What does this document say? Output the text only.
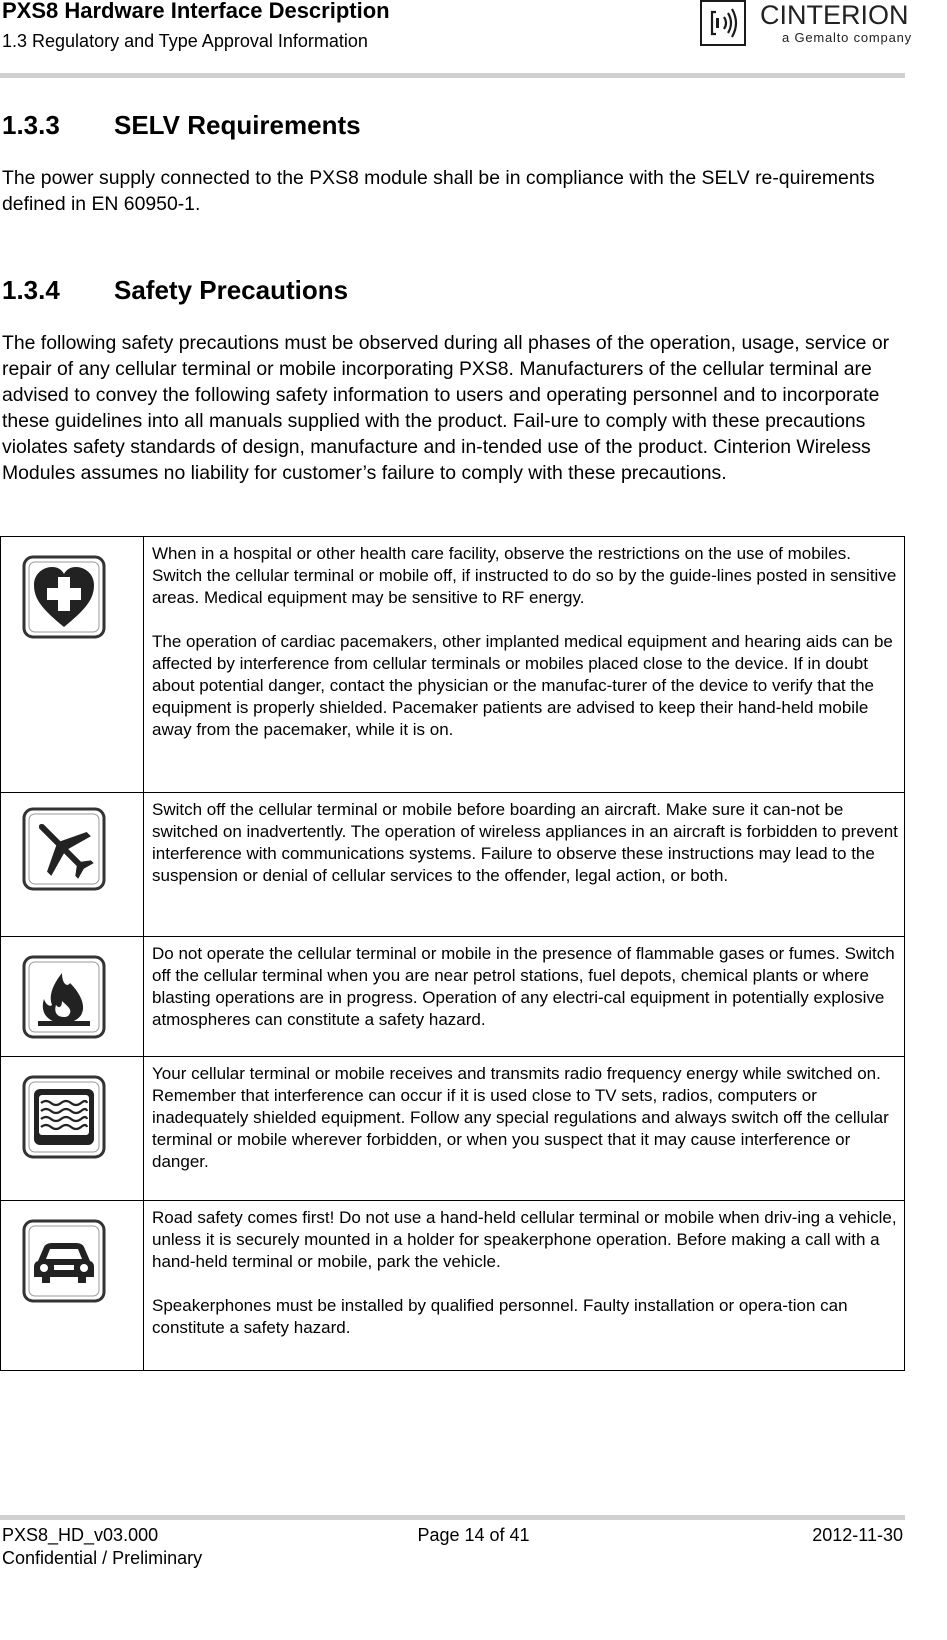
PXS8 Hardware Interface Description
1.3 Regulatory and Type Approval Information
CINTERION
a Gemalto company
1.3.3 SELV Requirements

The power supply connected to the PXS8 module shall be in compliance with the SELV re-quirements defined in EN 60950-1.

1.3.4 Safety Precautions

The following safety precautions must be observed during all phases of the operation, usage, service or repair of any cellular terminal or mobile incorporating PXS8. Manufacturers of the cellular terminal are advised to convey the following safety information to users and operating personnel and to incorporate these guidelines into all manuals supplied with the product. Fail-ure to comply with these precautions violates safety standards of design, manufacture and in-tended use of the product. Cinterion Wireless Modules assumes no liability for customer’s failure to comply with these precautions.

When in a hospital or other health care facility, observe the restrictions on the use of mobiles. Switch the cellular terminal or mobile off, if instructed to do so by the guide-lines posted in sensitive areas. Medical equipment may be sensitive to RF energy.

The operation of cardiac pacemakers, other implanted medical equipment and hearing aids can be affected by interference from cellular terminals or mobiles placed close to the device. If in doubt about potential danger, contact the physician or the manufac-turer of the device to verify that the equipment is properly shielded. Pacemaker patients are advised to keep their hand-held mobile away from the pacemaker, while it is on.

Switch off the cellular terminal or mobile before boarding an aircraft. Make sure it can-not be switched on inadvertently. The operation of wireless appliances in an aircraft is forbidden to prevent interference with communications systems. Failure to observe these instructions may lead to the suspension or denial of cellular services to the offender, legal action, or both.

Do not operate the cellular terminal or mobile in the presence of flammable gases or fumes. Switch off the cellular terminal when you are near petrol stations, fuel depots, chemical plants or where blasting operations are in progress. Operation of any electri-cal equipment in potentially explosive atmospheres can constitute a safety hazard.

Your cellular terminal or mobile receives and transmits radio frequency energy while switched on. Remember that interference can occur if it is used close to TV sets, radios, computers or inadequately shielded equipment. Follow any special regulations and always switch off the cellular terminal or mobile wherever forbidden, or when you suspect that it may cause interference or danger.

Road safety comes first! Do not use a hand-held cellular terminal or mobile when driv-ing a vehicle, unless it is securely mounted in a holder for speakerphone operation. Before making a call with a hand-held terminal or mobile, park the vehicle.

Speakerphones must be installed by qualified personnel. Faulty installation or opera-tion can constitute a safety hazard.

PXS8_HD_v03.000	Page 14 of 41	2012-11-30
Confidential / Preliminary
